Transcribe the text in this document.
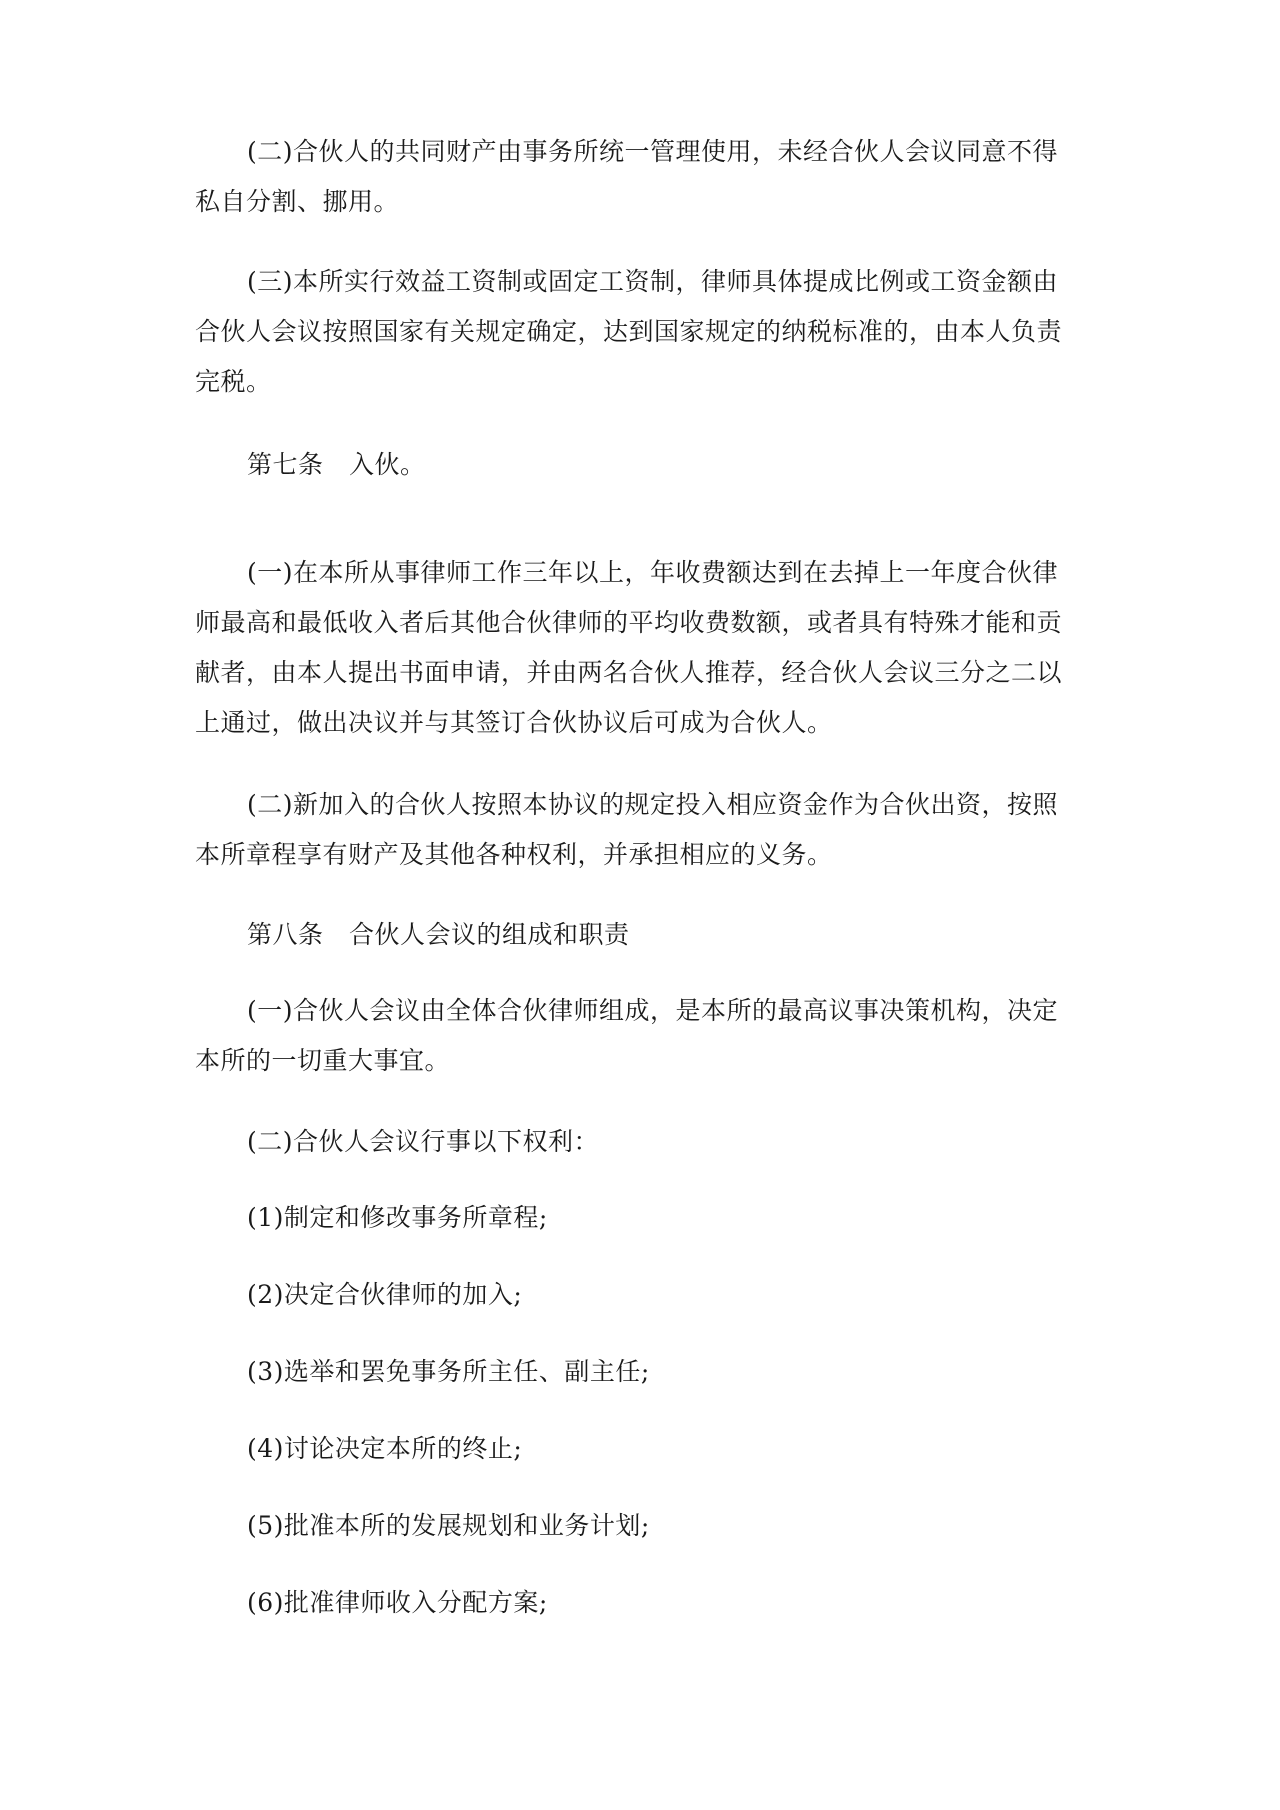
(二)合伙人的共同财产由事务所统一管理使用，未经合伙人会议同意不得私自分割、挪用。

(三)本所实行效益工资制或固定工资制，律师具体提成比例或工资金额由合伙人会议按照国家有关规定确定，达到国家规定的纳税标准的，由本人负责完税。

第七条　入伙。

(一)在本所从事律师工作三年以上，年收费额达到在去掉上一年度合伙律师最高和最低收入者后其他合伙律师的平均收费数额，或者具有特殊才能和贡献者，由本人提出书面申请，并由两名合伙人推荐，经合伙人会议三分之二以上通过，做出决议并与其签订合伙协议后可成为合伙人。

(二)新加入的合伙人按照本协议的规定投入相应资金作为合伙出资，按照本所章程享有财产及其他各种权利，并承担相应的义务。

第八条　合伙人会议的组成和职责

(一)合伙人会议由全体合伙律师组成，是本所的最高议事决策机构，决定本所的一切重大事宜。

(二)合伙人会议行事以下权利：

(1)制定和修改事务所章程;

(2)决定合伙律师的加入;

(3)选举和罢免事务所主任、副主任;

(4)讨论决定本所的终止;

(5)批准本所的发展规划和业务计划;

(6)批准律师收入分配方案;
